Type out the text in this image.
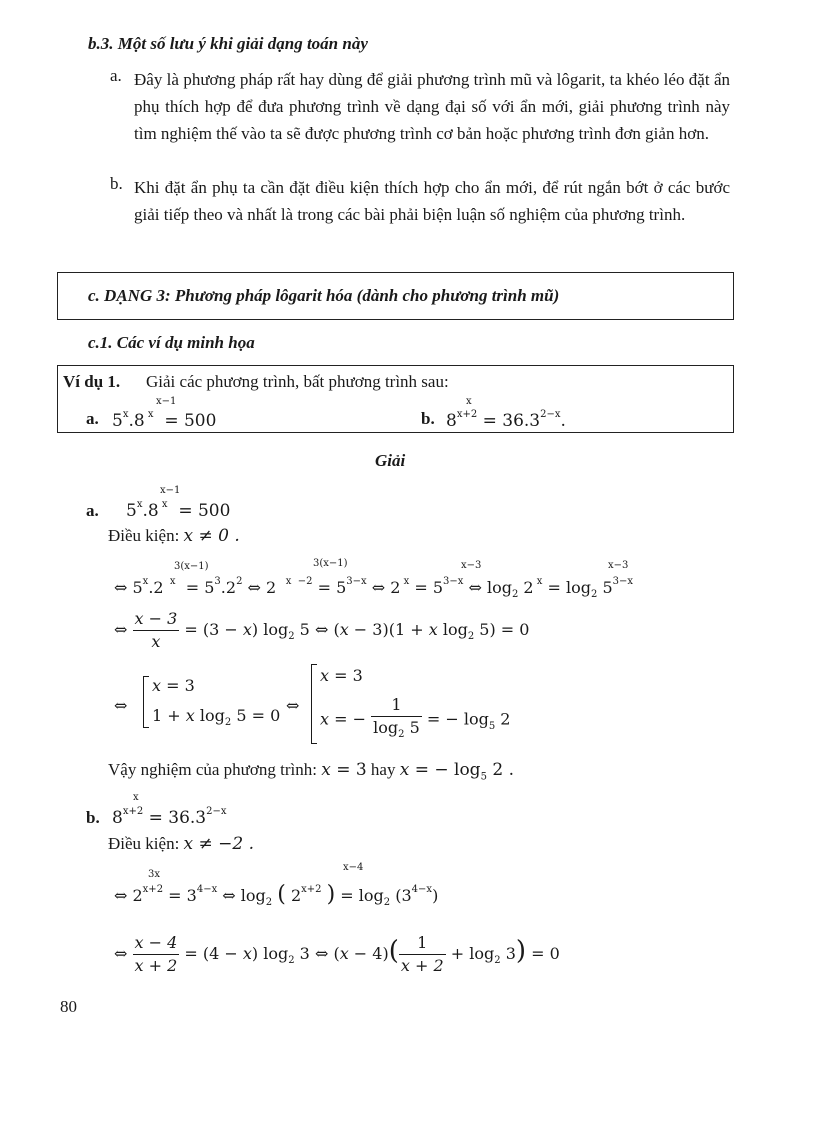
b.3. Một số lưu ý khi giải dạng toán này
a. Đây là phương pháp rất hay dùng để giải phương trình mũ và lôgarit, ta khéo léo đặt ẩn phụ thích hợp để đưa phương trình về dạng đại số với ẩn mới, giải phương trình này tìm nghiệm thế vào ta sẽ được phương trình cơ bản hoặc phương trình đơn giản hơn.
b. Khi đặt ẩn phụ ta cần đặt điều kiện thích hợp cho ẩn mới, để rút ngắn bớt ở các bước giải tiếp theo và nhất là trong các bài phải biện luận số nghiệm của phương trình.
c. DẠNG 3: Phương pháp lôgarit hóa (dành cho phương trình mũ)
c.1. Các ví dụ minh họa
Ví dụ 1. Giải các phương trình, bất phương trình sau:
a.
x−1
5$^x$.8 $^x$  = 500	b.
x
$8^{x+2} = 36.3^{2-x}$.
Giải
a.
x−1
5$^x$.8 $^x$  = 500
Điều kiện: x ≠ 0 .
3(x−1)	3(x−1)	x−3	x−3
⇔ 5$^x$.2  $^x = 5^3.2^2$ ⇔ 2   $^{x -2} = 5^{3-x}$ ⇔ 2 $^x = 5^{3-x}$ ⇔ $\log_2 2$ $^x = \log_2 5^{3-x}$
⇔ $\frac{x - 3}{x} = (3 - x)$ $\log_2 5$ ⇔ (x − 3)(1 + x $\log_2 5) = 0$
⇔
x = 3
1 + x $\log_2 5 = 0$
⇔
x = 3
x = − $\frac{1}{\log_2 5}$ = − $\log_5 2$
Vậy nghiệm của phương trình: x = 3 hay x = − $\log_5 2$ .
b.
x
$8^{x+2} = 36.3^{2-x}$
Điều kiện: x ≠ −2 .
3x
x−4
⇔ $2^{x+2} = 3^{4-x}$ ⇔ $\log_2$ ( $2^{x+2}$ ) = $\log_2 (3^{4-x})$
⇔ $\frac{x - 4}{x + 2} = (4 - x)$ $\log_2 3$ ⇔ $(x - 4)( \frac{1}{x + 2} + \log_2 3) = 0$
80
